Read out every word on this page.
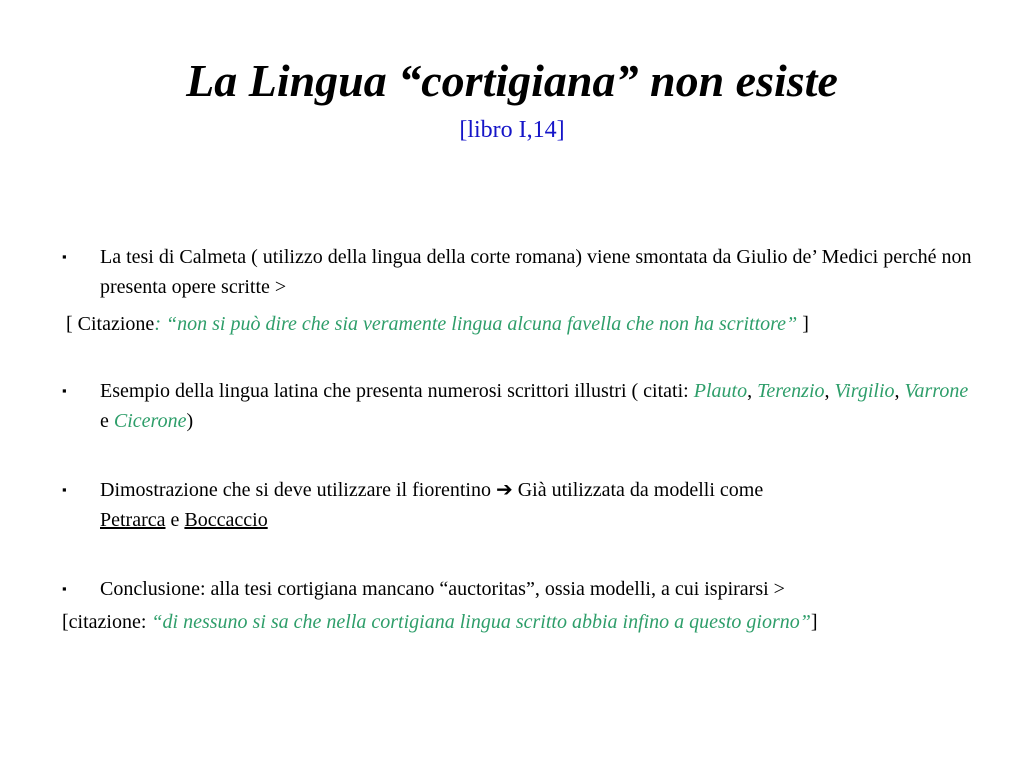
La Lingua “cortigiana” non esiste
[libro I,14]
▪	La tesi di Calmeta ( utilizzo della lingua della corte romana) viene smontata da Giulio de’ Medici perché non presenta opere scritte >
[ Citazione: “non si può dire che sia veramente lingua alcuna favella che non ha scrittore” ]
▪	Esempio della lingua latina che presenta numerosi scrittori illustri ( citati: Plauto, Terenzio, Virgilio, Varrone e Cicerone)
▪	Dimostrazione che si deve utilizzare il fiorentino ➔ Già utilizzata da modelli come
Petrarca e Boccaccio
▪	Conclusione: alla tesi cortigiana mancano “auctoritas”, ossia modelli, a cui ispirarsi >
[citazione: “di nessuno si sa che nella cortigiana lingua scritto abbia infino a questo giorno”]
